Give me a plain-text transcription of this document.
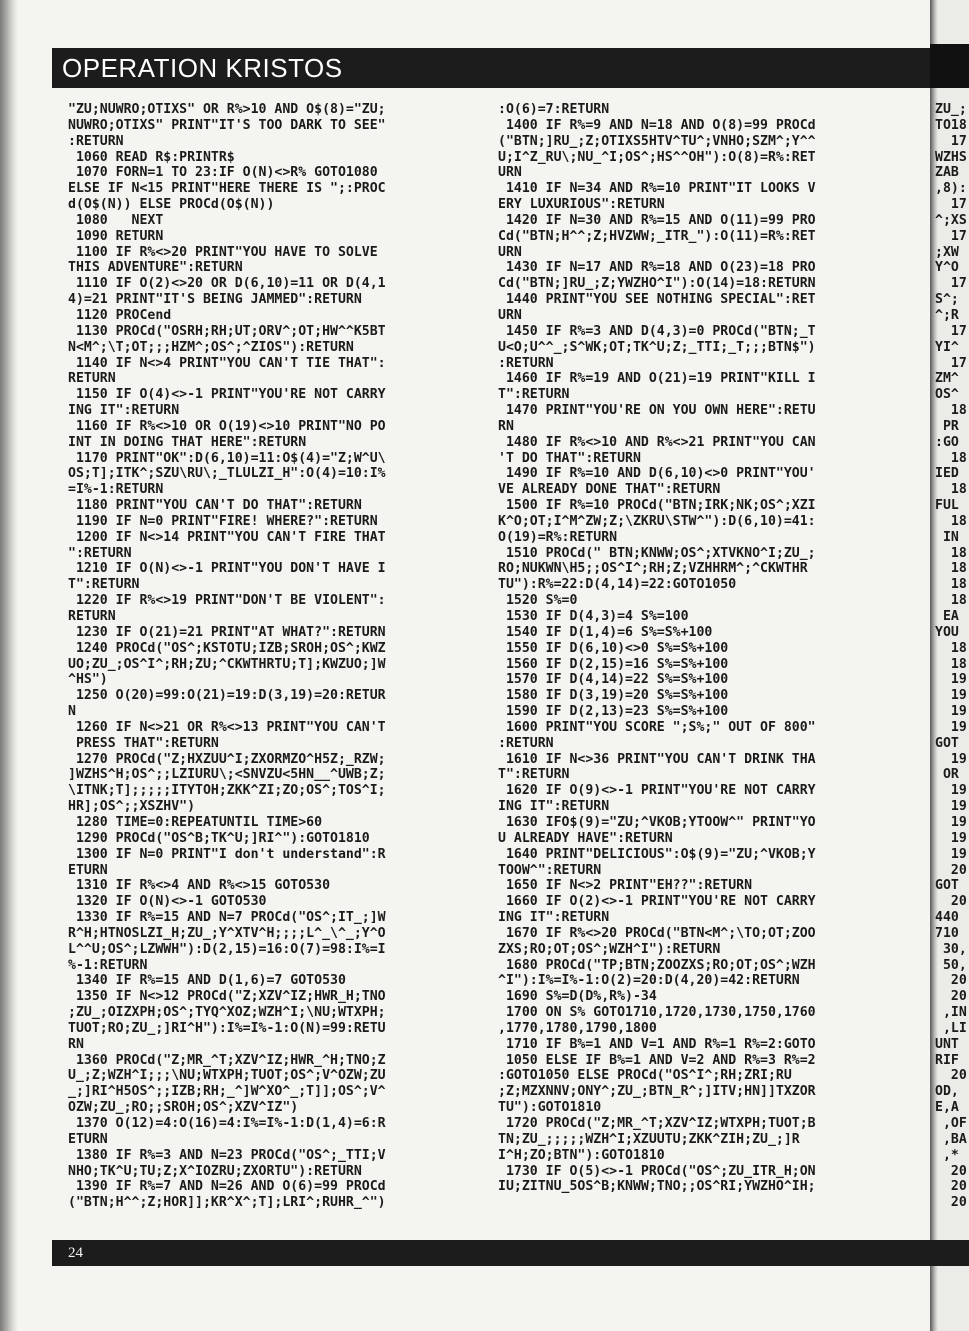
OPERATION KRISTOS
"ZU;NUWRO;OTIXS" OR R%>10 AND O$(8)="ZU;
NUWRO;OTIXS" PRINT"IT'S TOO DARK TO SEE"
:RETURN
1060 READ R$:PRINTR$
1070 FORN=1 TO 23:IF O(N)<>R% GOTO1080
ELSE IF N<15 PRINT"HERE THERE IS ";:PROC
d(O$(N)) ELSE PROCd(O$(N))
1080   NEXT
1090 RETURN
1100 IF R%<>20 PRINT"YOU HAVE TO SOLVE
THIS ADVENTURE":RETURN
1110 IF O(2)<>20 OR D(6,10)=11 OR D(4,1
4)=21 PRINT"IT'S BEING JAMMED":RETURN
1120 PROCend
1130 PROCd("OSRH;RH;UT;ORV^;OT;HW^^K5BT
N<M^;\T;OT;;;HZM^;OS^;^ZIOS"):RETURN
1140 IF N<>4 PRINT"YOU CAN'T TIE THAT":
RETURN
1150 IF O(4)<>-1 PRINT"YOU'RE NOT CARRY
ING IT":RETURN
1160 IF R%<>10 OR O(19)<>10 PRINT"NO PO
INT IN DOING THAT HERE":RETURN
1170 PRINT"OK":D(6,10)=11:O$(4)="Z;W^U\
OS;T];ITK^;SZU\RU\;_TLULZI_H":O(4)=10:I%
=I%-1:RETURN
1180 PRINT"YOU CAN'T DO THAT":RETURN
1190 IF N=0 PRINT"FIRE! WHERE?":RETURN
1200 IF N<>14 PRINT"YOU CAN'T FIRE THAT
":RETURN
1210 IF O(N)<>-1 PRINT"YOU DON'T HAVE I
T":RETURN
1220 IF R%<>19 PRINT"DON'T BE VIOLENT":
RETURN
1230 IF O(21)=21 PRINT"AT WHAT?":RETURN
1240 PROCd("OS^;KSTOTU;IZB;SROH;OS^;KWZ
UO;ZU_;OS^I^;RH;ZU;^CKWTHRTU;T];KWZUO;]W
^HS")
1250 O(20)=99:O(21)=19:D(3,19)=20:RETUR
N
1260 IF N<>21 OR R%<>13 PRINT"YOU CAN'T
PRESS THAT":RETURN
1270 PROCd("Z;HXZUU^I;ZXORMZO^H5Z;_RZW;
]WZHS^H;OS^;;LZIURU\;<SNVZU<5HN__^UWB;Z;
\ITNK;T];;;;;ITYTOH;ZKK^ZI;ZO;OS^;TOS^I;
HR];OS^;;XSZHV")
1280 TIME=0:REPEATUNTIL TIME>60
1290 PROCd("OS^B;TK^U;]RI^"):GOTO1810
1300 IF N=0 PRINT"I don't understand":R
ETURN
1310 IF R%<>4 AND R%<>15 GOTO530
1320 IF O(N)<>-1 GOTO530
1330 IF R%=15 AND N=7 PROCd("OS^;IT_;]W
R^H;HTNOSLZI_H;ZU_;Y^XTV^H;;;;L^_\^_;Y^O
L^^U;OS^;LZWWH"):D(2,15)=16:O(7)=98:I%=I
%-1:RETURN
1340 IF R%=15 AND D(1,6)=7 GOTO530
1350 IF N<>12 PROCd("Z;XZV^IZ;HWR_H;TNO
;ZU_;OIZXPH;OS^;TYQ^XOZ;WZH^I;\NU;WTXPH;
TUOT;RO;ZU_;]RI^H"):I%=I%-1:O(N)=99:RETU
RN
1360 PROCd("Z;MR_^T;XZV^IZ;HWR_^H;TNO;Z
U_;Z;WZH^I;;;\NU;WTXPH;TUOT;OS^;V^OZW;ZU
_;]RI^H5OS^;;IZB;RH;_^]W^XO^_;T]];OS^;V^
OZW;ZU_;RO;;SROH;OS^;XZV^IZ")
1370 O(12)=4:O(16)=4:I%=I%-1:D(1,4)=6:R
ETURN
1380 IF R%=3 AND N=23 PROCd("OS^;_TTI;V
NHO;TK^U;TU;Z;X^IOZRU;ZXORTU"):RETURN
1390 IF R%=7 AND N=26 AND O(6)=99 PROCd
("BTN;H^^;Z;HOR]];KR^X^;T];LRI^;RUHR_^")
:O(6)=7:RETURN
1400 IF R%=9 AND N=18 AND O(8)=99 PROCd
("BTN;]RU_;Z;OTIXS5HTV^TU^;VNHO;SZM^;Y^^
U;I^Z_RU\;NU_^I;OS^;HS^^OH"):O(8)=R%:RET
URN
1410 IF N=34 AND R%=10 PRINT"IT LOOKS V
ERY LUXURIOUS":RETURN
1420 IF N=30 AND R%=15 AND O(11)=99 PRO
Cd("BTN;H^^;Z;HVZWW;_ITR_"):O(11)=R%:RET
URN
1430 IF N=17 AND R%=18 AND O(23)=18 PRO
Cd("BTN;]RU_;Z;YWZHO^I"):O(14)=18:RETURN
1440 PRINT"YOU SEE NOTHING SPECIAL":RET
URN
1450 IF R%=3 AND D(4,3)=0 PROCd("BTN;_T
U<O;U^^_;S^WK;OT;TK^U;Z;_TTI;_T;;;BTN$")
:RETURN
1460 IF R%=19 AND O(21)=19 PRINT"KILL I
T":RETURN
1470 PRINT"YOU'RE ON YOU OWN HERE":RETU
RN
1480 IF R%<>10 AND R%<>21 PRINT"YOU CAN
'T DO THAT":RETURN
1490 IF R%=10 AND D(6,10)<>0 PRINT"YOU'
VE ALREADY DONE THAT":RETURN
1500 IF R%=10 PROCd("BTN;IRK;NK;OS^;XZI
K^O;OT;I^M^ZW;Z;\ZKRU\STW^"):D(6,10)=41:
O(19)=R%:RETURN
1510 PROCd(" BTN;KNWW;OS^;XTVKNO^I;ZU_;
RO;NUKWN\H5;;OS^I^;RH;Z;VZHHRM^;^CKWTHR
TU"):R%=22:D(4,14)=22:GOTO1050
1520 S%=0
1530 IF D(4,3)=4 S%=100
1540 IF D(1,4)=6 S%=S%+100
1550 IF D(6,10)<>0 S%=S%+100
1560 IF D(2,15)=16 S%=S%+100
1570 IF D(4,14)=22 S%=S%+100
1580 IF D(3,19)=20 S%=S%+100
1590 IF D(2,13)=23 S%=S%+100
1600 PRINT"YOU SCORE ";S%;" OUT OF 800"
:RETURN
1610 IF N<>36 PRINT"YOU CAN'T DRINK THA
T":RETURN
1620 IF O(9)<>-1 PRINT"YOU'RE NOT CARRY
ING IT":RETURN
1630 IFO$(9)="ZU;^VKOB;YTOOW^" PRINT"YO
U ALREADY HAVE":RETURN
1640 PRINT"DELICIOUS":O$(9)="ZU;^VKOB;Y
TOOW^":RETURN
1650 IF N<>2 PRINT"EH??":RETURN
1660 IF O(2)<>-1 PRINT"YOU'RE NOT CARRY
ING IT":RETURN
1670 IF R%<>20 PROCd("BTN<M^;\TO;OT;ZOO
ZXS;RO;OT;OS^;WZH^I"):RETURN
1680 PROCd("TP;BTN;ZOOZXS;RO;OT;OS^;WZH
^I"):I%=I%-1:O(2)=20:D(4,20)=42:RETURN
1690 S%=D(D%,R%)-34
1700 ON S% GOTO1710,1720,1730,1750,1760
,1770,1780,1790,1800
1710 IF B%=1 AND V=1 AND R%=1 R%=2:GOTO
1050 ELSE IF B%=1 AND V=2 AND R%=3 R%=2
:GOTO1050 ELSE PROCd("OS^I^;RH;ZRI;RU
;Z;MZXNNV;ONY^;ZU_;BTN_R^;]ITV;HN]]TXZOR
TU"):GOTO1810
1720 PROCd("Z;MR_^T;XZV^IZ;WTXPH;TUOT;B
TN;ZU_;;;;;WZH^I;XZUUTU;ZKK^ZIH;ZU_;]R
I^H;ZO;BTN"):GOTO1810
1730 IF O(5)<>-1 PROCd("OS^;ZU_ITR_H;ON
IU;ZITNU_5OS^B;KNWW;TNO;;OS^RI;YWZHO^IH;
24
ZU_;
TO18
17
WZHS
ZAB
,8):
17
^;XS
17
;XW
Y^O
17
S^;
^;R
17
YI^
17
ZM^
OS^
18
PR
:GO
18
IED
18
FUL
18
IN
18
18
18
18
EA
YOU
18
18
19
19
19
19
GOT
19
OR
19
19
19
19
19
20
GOT
20
440
710
30,
50,
20
20
,IN
,LI
UNT
RIF
20
OD,
E,A
,OF
,BA
,*
20
20
20
